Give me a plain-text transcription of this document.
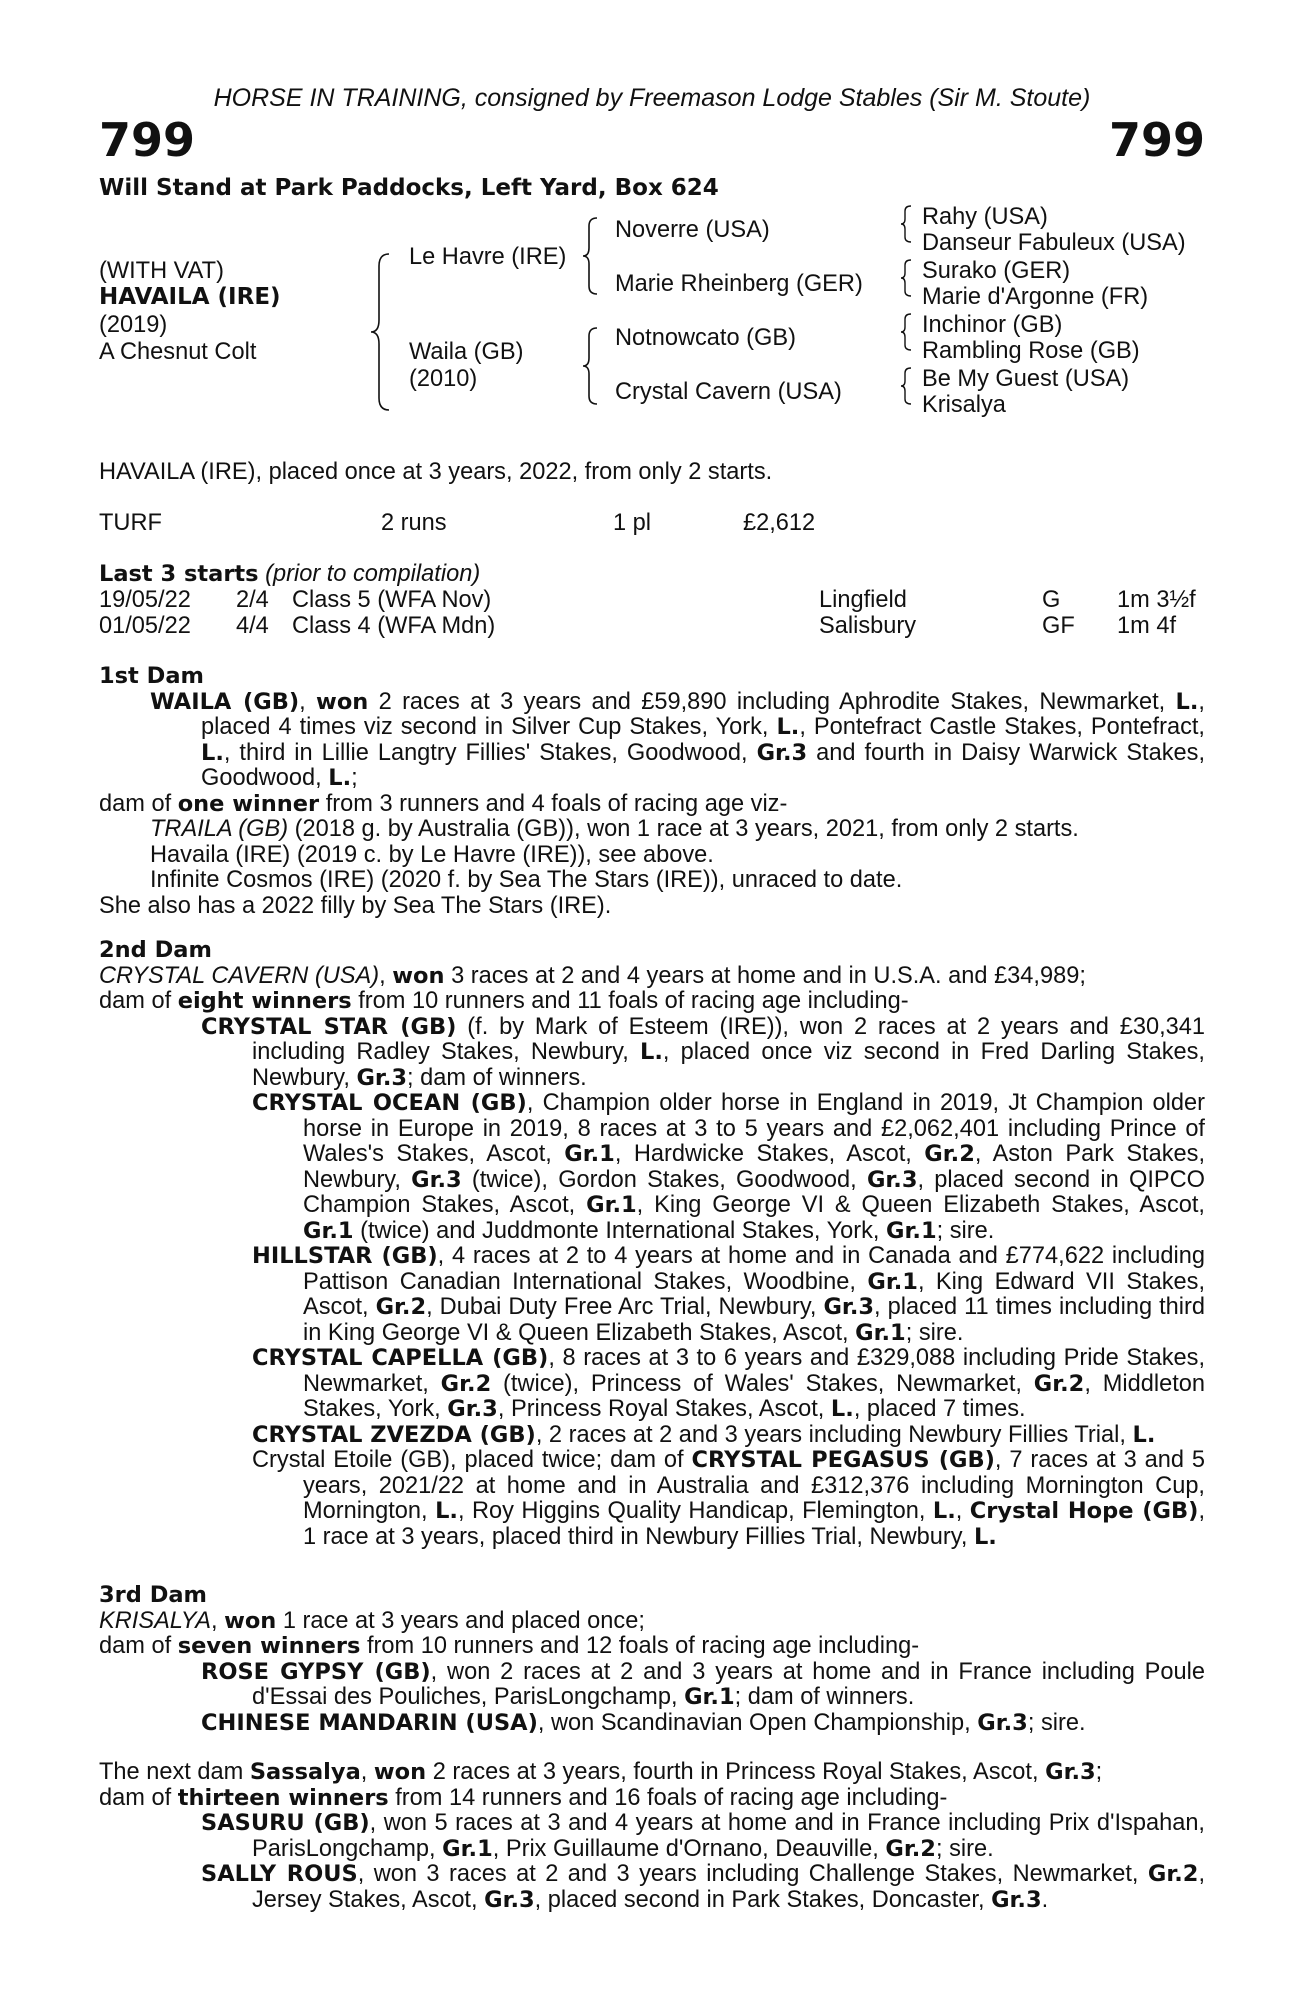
HORSE IN TRAINING, consigned by Freemason Lodge Stables (Sir M. Stoute)
799	799
Will Stand at Park Paddocks, Left Yard, Box 624
(WITH VAT)
HAVAILA (IRE)
(2019)
A Chesnut Colt
Le Havre (IRE)
Waila (GB)
(2010)
Noverre (USA)
Marie Rheinberg (GER)
Notnowcato (GB)
Crystal Cavern (USA)
Rahy (USA)
Danseur Fabuleux (USA)
Surako (GER)
Marie d'Argonne (FR)
Inchinor (GB)
Rambling Rose (GB)
Be My Guest (USA)
Krisalya
HAVAILA (IRE), placed once at 3 years, 2022, from only 2 starts.
TURF	2 runs	1 pl	£2,612
Last 3 starts (prior to compilation)
19/05/22 2/4 Class 5 (WFA Nov)	Lingfield	G 1m 3½f
01/05/22 4/4 Class 4 (WFA Mdn)	Salisbury	GF 1m 4f

1st Dam

WAILA (GB), won 2 races at 3 years and £59,890 including Aphrodite Stakes, Newmarket, L., placed 4 times viz second in Silver Cup Stakes, York, L., Pontefract Castle Stakes, Pontefract, L., third in Lillie Langtry Fillies' Stakes, Goodwood, Gr.3 and fourth in Daisy Warwick Stakes, Goodwood, L.;

dam of one winner from 3 runners and 4 foals of racing age viz-

TRAILA (GB) (2018 g. by Australia (GB)), won 1 race at 3 years, 2021, from only 2 starts.

Havaila (IRE) (2019 c. by Le Havre (IRE)), see above.

Infinite Cosmos (IRE) (2020 f. by Sea The Stars (IRE)), unraced to date.

She also has a 2022 filly by Sea The Stars (IRE).

2nd Dam

CRYSTAL CAVERN (USA), won 3 races at 2 and 4 years at home and in U.S.A. and £34,989;

dam of eight winners from 10 runners and 11 foals of racing age including-

CRYSTAL STAR (GB) (f. by Mark of Esteem (IRE)), won 2 races at 2 years and £30,341 including Radley Stakes, Newbury, L., placed once viz second in Fred Darling Stakes, Newbury, Gr.3; dam of winners.

CRYSTAL OCEAN (GB), Champion older horse in England in 2019, Jt Champion older horse in Europe in 2019, 8 races at 3 to 5 years and £2,062,401 including Prince of Wales's Stakes, Ascot, Gr.1, Hardwicke Stakes, Ascot, Gr.2, Aston Park Stakes, Newbury, Gr.3 (twice), Gordon Stakes, Goodwood, Gr.3, placed second in QIPCO Champion Stakes, Ascot, Gr.1, King George VI & Queen Elizabeth Stakes, Ascot, Gr.1 (twice) and Juddmonte International Stakes, York, Gr.1; sire.

HILLSTAR (GB), 4 races at 2 to 4 years at home and in Canada and £774,622 including Pattison Canadian International Stakes, Woodbine, Gr.1, King Edward VII Stakes, Ascot, Gr.2, Dubai Duty Free Arc Trial, Newbury, Gr.3, placed 11 times including third in King George VI & Queen Elizabeth Stakes, Ascot, Gr.1; sire.

CRYSTAL CAPELLA (GB), 8 races at 3 to 6 years and £329,088 including Pride Stakes, Newmarket, Gr.2 (twice), Princess of Wales' Stakes, Newmarket, Gr.2, Middleton Stakes, York, Gr.3, Princess Royal Stakes, Ascot, L., placed 7 times.

CRYSTAL ZVEZDA (GB), 2 races at 2 and 3 years including Newbury Fillies Trial, L.

Crystal Etoile (GB), placed twice; dam of CRYSTAL PEGASUS (GB), 7 races at 3 and 5 years, 2021/22 at home and in Australia and £312,376 including Mornington Cup, Mornington, L., Roy Higgins Quality Handicap, Flemington, L., Crystal Hope (GB), 1 race at 3 years, placed third in Newbury Fillies Trial, Newbury, L.

3rd Dam

KRISALYA, won 1 race at 3 years and placed once;

dam of seven winners from 10 runners and 12 foals of racing age including-

ROSE GYPSY (GB), won 2 races at 2 and 3 years at home and in France including Poule d'Essai des Pouliches, ParisLongchamp, Gr.1; dam of winners.

CHINESE MANDARIN (USA), won Scandinavian Open Championship, Gr.3; sire.

The next dam Sassalya, won 2 races at 3 years, fourth in Princess Royal Stakes, Ascot, Gr.3;

dam of thirteen winners from 14 runners and 16 foals of racing age including-

SASURU (GB), won 5 races at 3 and 4 years at home and in France including Prix d'Ispahan, ParisLongchamp, Gr.1, Prix Guillaume d'Ornano, Deauville, Gr.2; sire.

SALLY ROUS, won 3 races at 2 and 3 years including Challenge Stakes, Newmarket, Gr.2, Jersey Stakes, Ascot, Gr.3, placed second in Park Stakes, Doncaster, Gr.3.
